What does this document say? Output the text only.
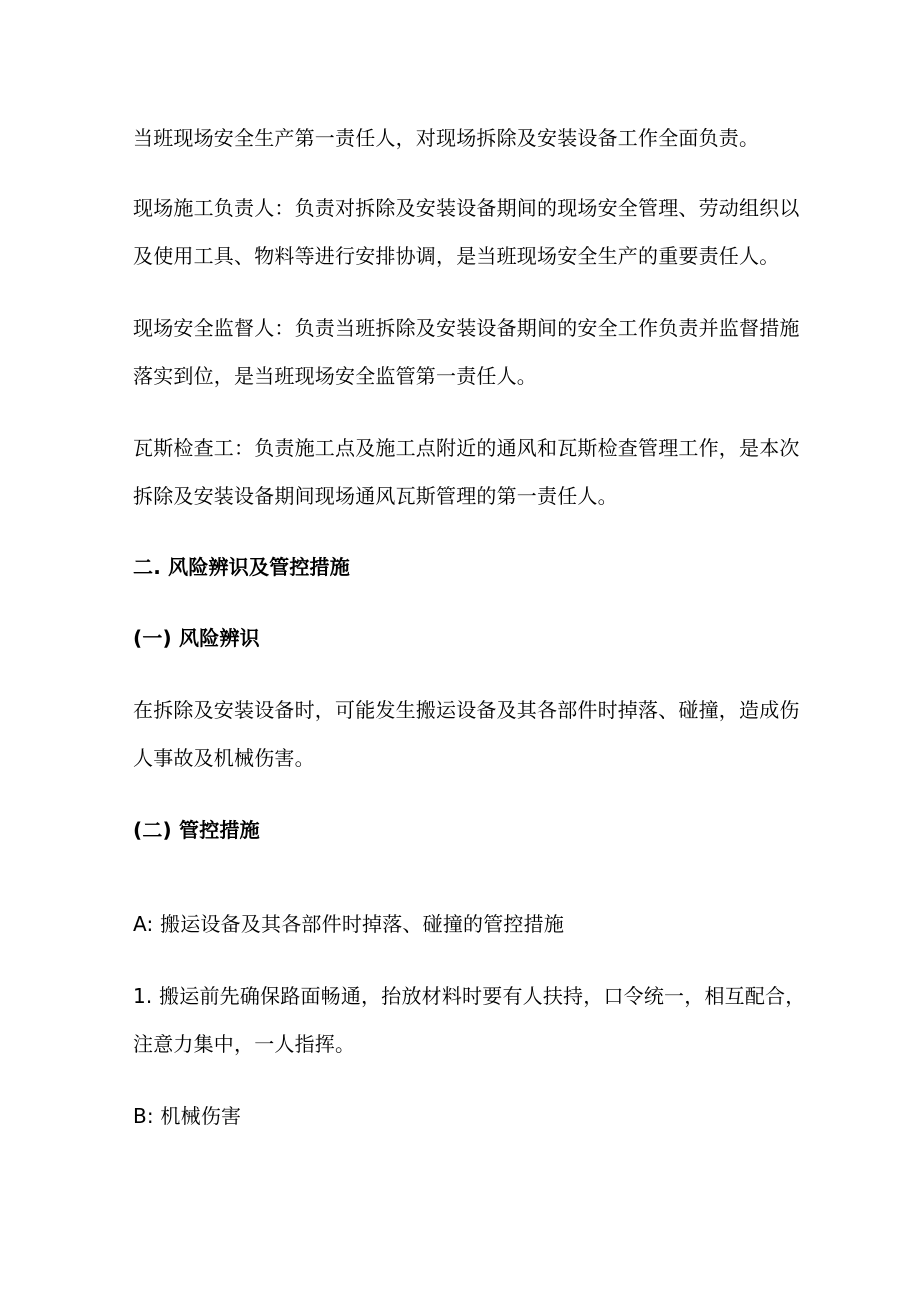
当班现场安全生产第一责任人，对现场拆除及安装设备工作全面负责。
现场施工负责人：负责对拆除及安装设备期间的现场安全管理、劳动组织以
及使用工具、物料等进行安排协调，是当班现场安全生产的重要责任人。
现场安全监督人：负责当班拆除及安装设备期间的安全工作负责并监督措施
落实到位，是当班现场安全监管第一责任人。
瓦斯检查工：负责施工点及施工点附近的通风和瓦斯检查管理工作，是本次
拆除及安装设备期间现场通风瓦斯管理的第一责任人。
二. 风险辨识及管控措施
(一) 风险辨识
在拆除及安装设备时，可能发生搬运设备及其各部件时掉落、碰撞，造成伤
人事故及机械伤害。
(二) 管控措施
A: 搬运设备及其各部件时掉落、碰撞的管控措施
1. 搬运前先确保路面畅通，抬放材料时要有人扶持，口令统一，相互配合，
注意力集中，一人指挥。
B: 机械伤害
